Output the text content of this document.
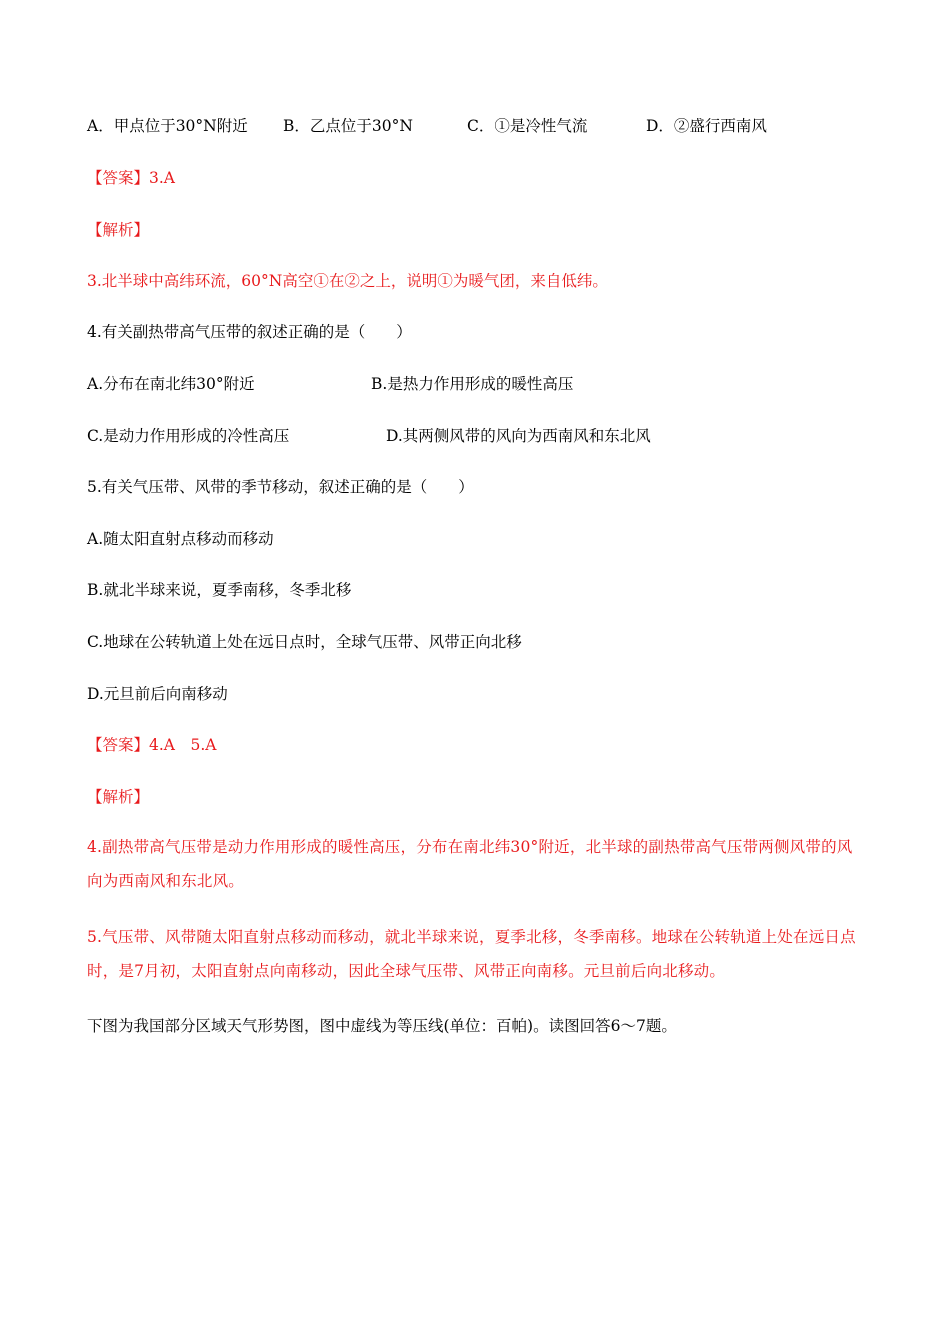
A．甲点位于30°N附近 B．乙点位于30°N	C．①是冷性气流	D．②盛行西南风
【答案】3.A
【解析】
3.北半球中高纬环流，60°N高空①在②之上，说明①为暖气团，来自低纬。
4.有关副热带高气压带的叙述正确的是（　　）
A.分布在南北纬30°附近	B.是热力作用形成的暖性高压
C.是动力作用形成的冷性高压	D.其两侧风带的风向为西南风和东北风
5.有关气压带、风带的季节移动，叙述正确的是（　　）
A.随太阳直射点移动而移动
B.就北半球来说，夏季南移，冬季北移
C.地球在公转轨道上处在远日点时，全球气压带、风带正向北移
D.元旦前后向南移动
【答案】4.A　5.A
【解析】
4.副热带高气压带是动力作用形成的暖性高压，分布在南北纬30°附近，北半球的副热带高气压带两侧风带的风向为西南风和东北风。
5.气压带、风带随太阳直射点移动而移动，就北半球来说，夏季北移，冬季南移。地球在公转轨道上处在远日点时，是7月初，太阳直射点向南移动，因此全球气压带、风带正向南移。元旦前后向北移动。
下图为我国部分区域天气形势图，图中虚线为等压线(单位：百帕)。读图回答6～7题。
